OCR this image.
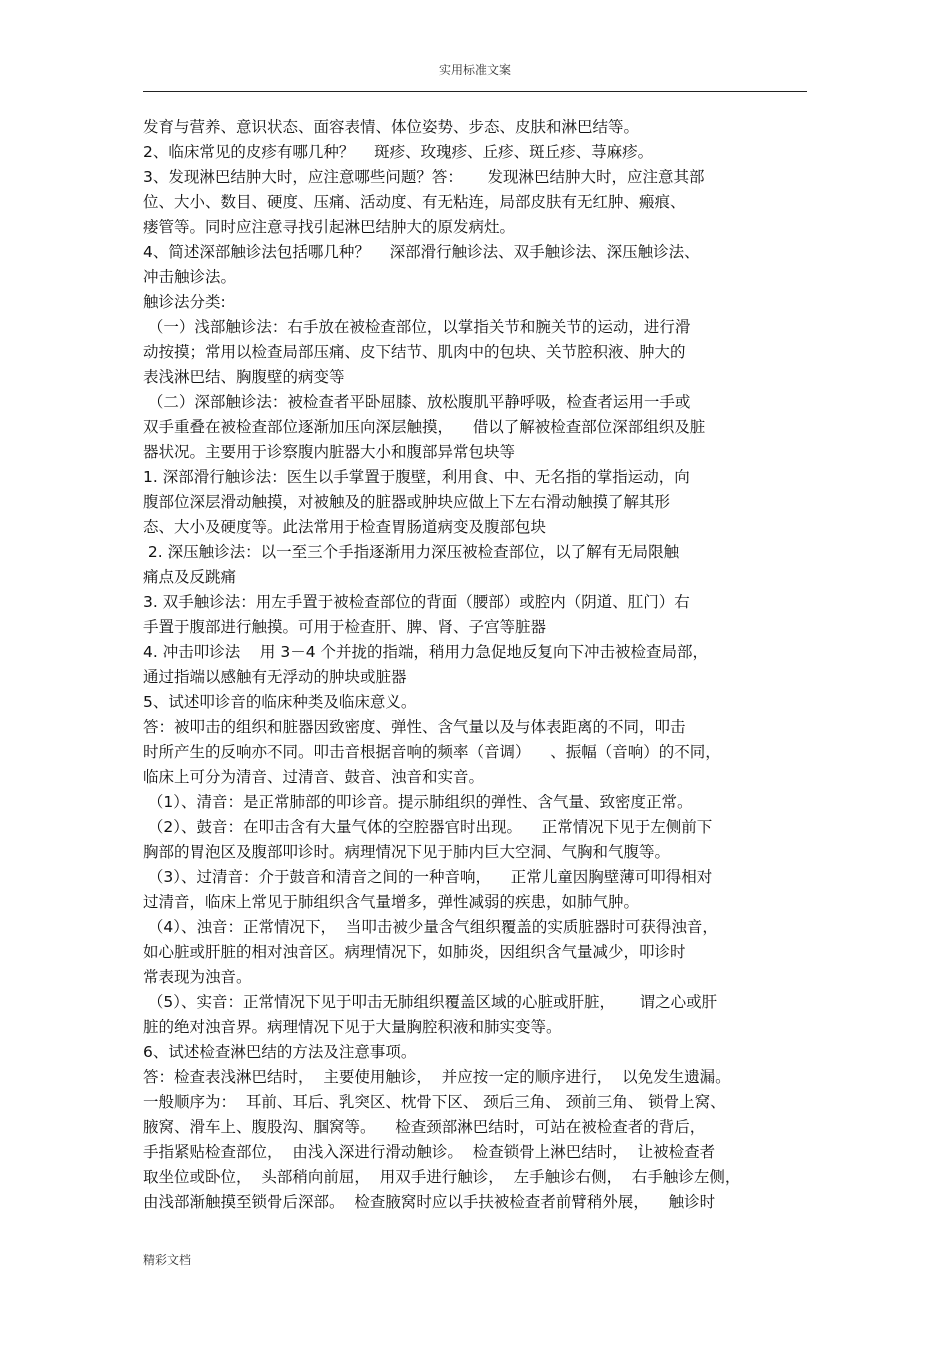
实用标准文案
发育与营养、意识状态、面容表情、体位姿势、步态、皮肤和淋巴结等。
2、临床常见的皮疹有哪几种？    斑疹、玫瑰疹、丘疹、斑丘疹、荨麻疹。
3、发现淋巴结肿大时，应注意哪些问题？答：     发现淋巴结肿大时，应注意其部
位、大小、数目、硬度、压痛、活动度、有无粘连，局部皮肤有无红肿、瘢痕、
瘘管等。同时应注意寻找引起淋巴结肿大的原发病灶。
4、简述深部触诊法包括哪几种？    深部滑行触诊法、双手触诊法、深压触诊法、
冲击触诊法。
触诊法分类:
（一）浅部触诊法：右手放在被检查部位，以掌指关节和腕关节的运动，进行滑
动按摸；常用以检查局部压痛、皮下结节、肌肉中的包块、关节腔积液、肿大的
表浅淋巴结、胸腹壁的病变等
（二）深部触诊法：被检查者平卧屈膝、放松腹肌平静呼吸，检查者运用一手或
双手重叠在被检查部位逐渐加压向深层触摸，    借以了解被检查部位深部组织及脏
器状况。主要用于诊察腹内脏器大小和腹部异常包块等
1. 深部滑行触诊法：医生以手掌置于腹壁，利用食、中、无名指的掌指运动，向
腹部位深层滑动触摸，对被触及的脏器或肿块应做上下左右滑动触摸了解其形
态、大小及硬度等。此法常用于检查胃肠道病变及腹部包块
2. 深压触诊法：以一至三个手指逐渐用力深压被检查部位，以了解有无局限触
痛点及反跳痛
3. 双手触诊法：用左手置于被检查部位的背面（腰部）或腔内（阴道、肛门）右
手置于腹部进行触摸。可用于检查肝、脾、肾、子宫等脏器
4. 冲击叩诊法    用 3－4 个并拢的指端，稍用力急促地反复向下冲击被检查局部，
通过指端以感触有无浮动的肿块或脏器
5、试述叩诊音的临床种类及临床意义。
答：被叩击的组织和脏器因致密度、弹性、含气量以及与体表距离的不同，叩击
时所产生的反响亦不同。叩击音根据音响的频率（音调）    、振幅（音响）的不同，
临床上可分为清音、过清音、鼓音、浊音和实音。
（1）、清音：是正常肺部的叩诊音。提示肺组织的弹性、含气量、致密度正常。
（2）、鼓音：在叩击含有大量气体的空腔器官时出现。    正常情况下见于左侧前下
胸部的胃泡区及腹部叩诊时。病理情况下见于肺内巨大空洞、气胸和气腹等。
（3）、过清音：介于鼓音和清音之间的一种音响，    正常儿童因胸壁薄可叩得相对
过清音，临床上常见于肺组织含气量增多，弹性减弱的疾患，如肺气肿。
（4）、浊音：正常情况下，  当叩击被少量含气组织覆盖的实质脏器时可获得浊音，
如心脏或肝脏的相对浊音区。病理情况下，如肺炎，因组织含气量减少，叩诊时
常表现为浊音。
（5）、实音：正常情况下见于叩击无肺组织覆盖区域的心脏或肝脏，     谓之心或肝
脏的绝对浊音界。病理情况下见于大量胸腔积液和肺实变等。
6、试述检查淋巴结的方法及注意事项。
答：检查表浅淋巴结时，  主要使用触诊，  并应按一定的顺序进行，  以免发生遗漏。
一般顺序为：  耳前、耳后、乳突区、枕骨下区、 颈后三角、 颈前三角、 锁骨上窝、
腋窝、滑车上、腹股沟、腘窝等。    检查颈部淋巴结时，可站在被检查者的背后，
手指紧贴检查部位，  由浅入深进行滑动触诊。  检查锁骨上淋巴结时，  让被检查者
取坐位或卧位，  头部稍向前屈，  用双手进行触诊，  左手触诊右侧，  右手触诊左侧，
由浅部渐触摸至锁骨后深部。  检查腋窝时应以手扶被检查者前臂稍外展，    触诊时
精彩文档
